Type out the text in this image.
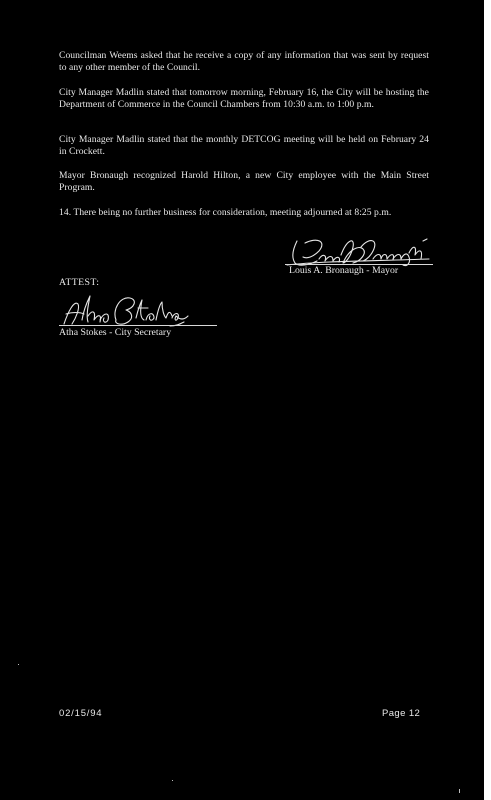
Councilman Weems asked that he receive a copy of any information that was sent by request to any other member of the Council.

City Manager Madlin stated that tomorrow morning, February 16, the City will be hosting the Department of Commerce in the Council Chambers from 10:30 a.m. to 1:00 p.m.

City Manager Madlin stated that the monthly DETCOG meeting will be held on February 24 in Crockett.

Mayor Bronaugh recognized Harold Hilton, a new City employee with the Main Street Program.

14. There being no further business for consideration, meeting adjourned at 8:25 p.m.

Louis A. Bronaugh - Mayor
ATTEST:
Atha Stokes - City Secretary
02/15/94	Page 12
